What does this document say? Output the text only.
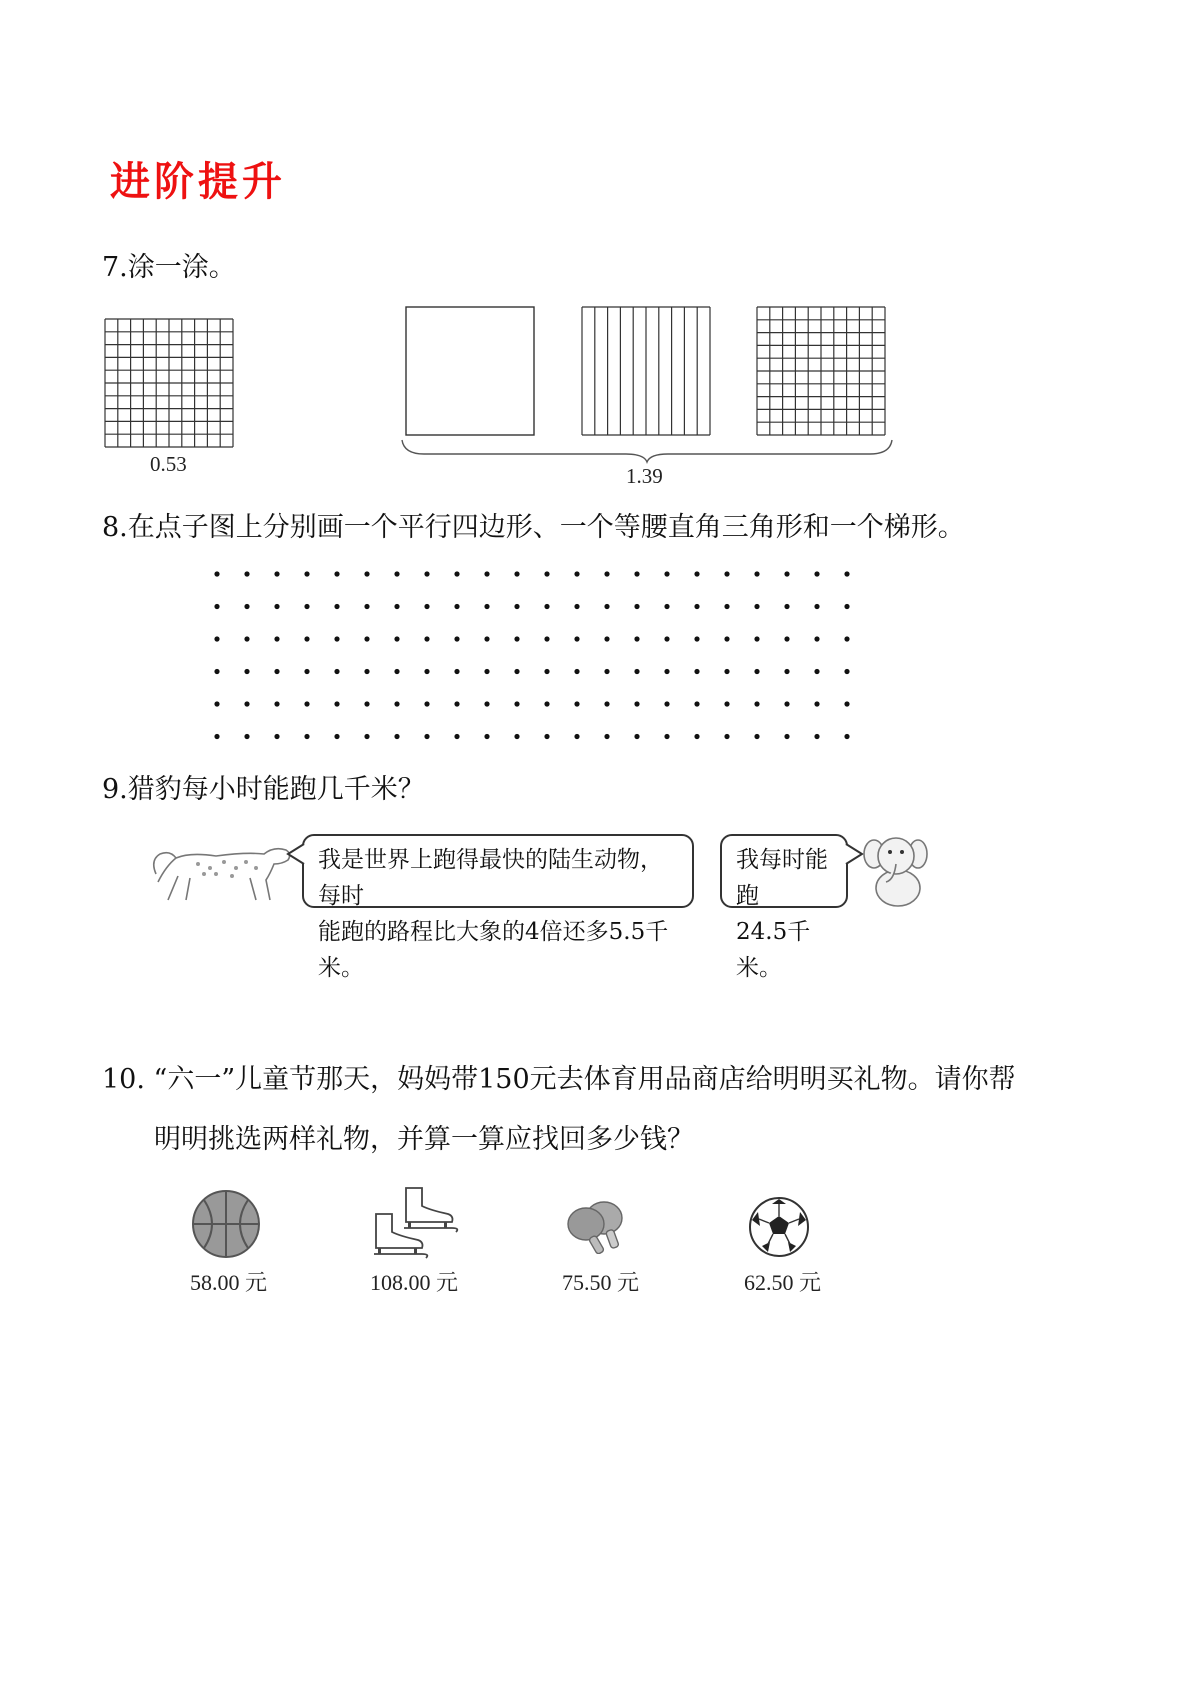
进阶提升
7.涂一涂。
0.53	1.39
8.在点子图上分别画一个平行四边形、一个等腰直角三角形和一个梯形。
9.猎豹每小时能跑几千米？
我是世界上跑得最快的陆生动物，每时
能跑的路程比大象的4倍还多5.5千米。
我每时能跑
24.5千米。
10. “六一”儿童节那天，妈妈带150元去体育用品商店给明明买礼物。请你帮
明明挑选两样礼物，并算一算应找回多少钱？
58.00 元	108.00 元	75.50 元	62.50 元
